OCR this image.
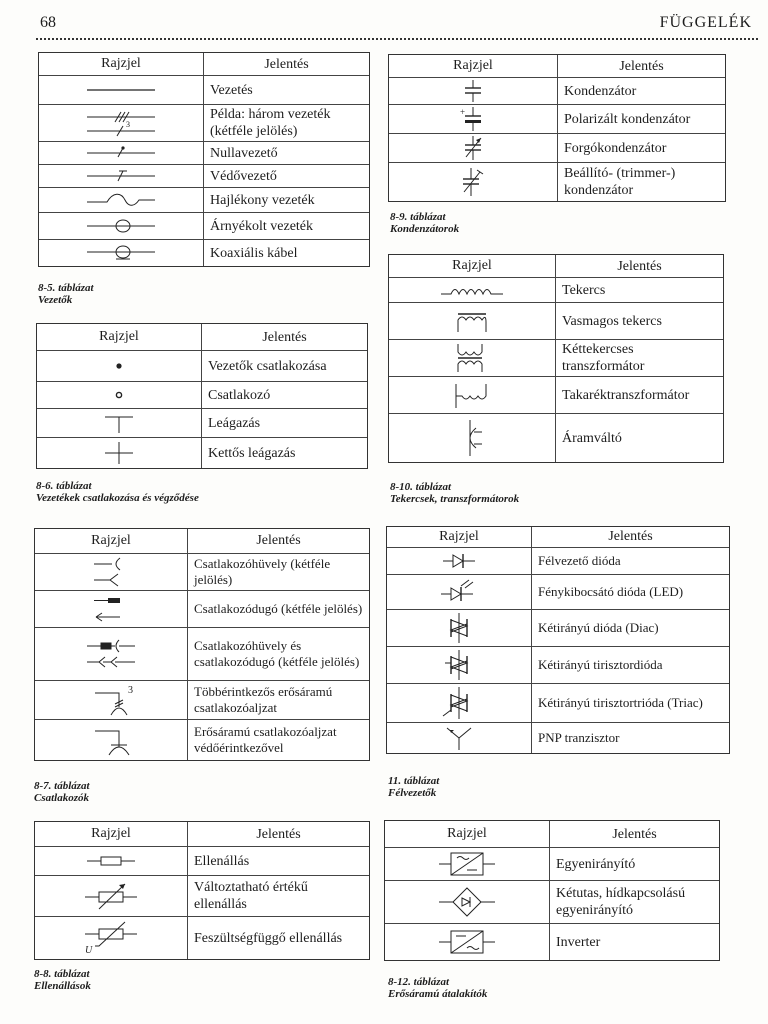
68	FÜGGELÉK
Rajzjel	Jelentés
Vezetés
3
Példa: három vezeték (kétféle jelölés)
Nullavezető
Védővezető
Hajlékony vezeték
Árnyékolt vezeték
Koaxiális kábel
8-5. táblázat
Vezetők
Rajzjel	Jelentés
Vezetők csatlakozása
Csatlakozó
Leágazás
Kettős leágazás
8-6. táblázat
Vezetékek csatlakozása és végződése
Rajzjel	Jelentés
Csatlakozóhüvely (kétféle jelölés)
Csatlakozódugó (kétféle jelölés)
Csatlakozóhüvely és csatlakozódugó (kétféle jelölés)
3	Többérintkezős erősáramú csatlakozóaljzat
Erősáramú csatlakozóaljzat védőérintkezővel
8-7. táblázat
Csatlakozók
Rajzjel	Jelentés
Ellenállás
Változtatható értékű ellenállás
U
Feszültségfüggő ellenállás
8-8. táblázat
Ellenállások
Rajzjel	Jelentés
Kondenzátor
+	Polarizált kondenzátor
Forgókondenzátor
Beállító- (trimmer-) kondenzátor
8-9. táblázat
Kondenzátorok
Rajzjel	Jelentés
Tekercs
Vasmagos tekercs
Kéttekercses transzformátor
Takaréktranszformátor
Áramváltó
8-10. táblázat
Tekercsek, transzformátorok
Rajzjel	Jelentés
Félvezető dióda
Fénykibocsátó dióda (LED)
Kétirányú dióda (Diac)
Kétirányú tirisztordióda
Kétirányú tirisztortrióda (Triac)
PNP tranzisztor
11. táblázat
Félvezetők
Rajzjel	Jelentés
Egyenirányító
Kétutas, hídkapcsolású egyenirányító
Inverter
8-12. táblázat
Erősáramú átalakítók
